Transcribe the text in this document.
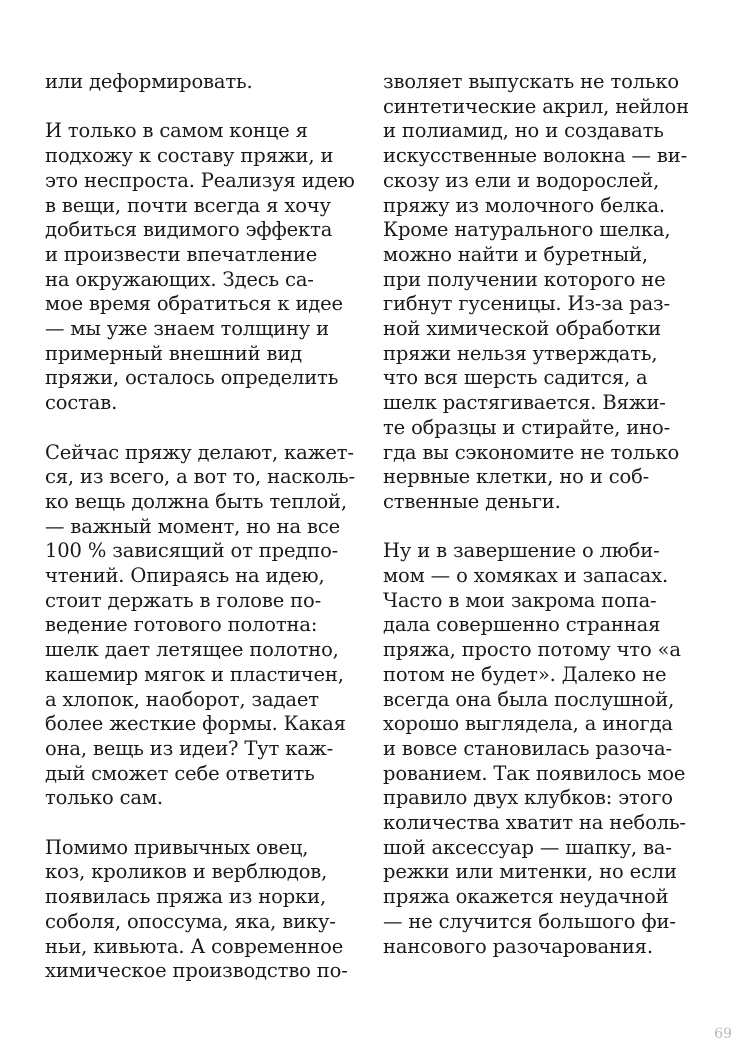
или деформировать.
И только в самом конце я
подхожу к составу пряжи, и
это неспроста. Реализуя идею
в вещи, почти всегда я хочу
добиться видимого эффекта
и произвести впечатление
на окружающих. Здесь са-
мое время обратиться к идее
— мы уже знаем толщину и
примерный внешний вид
пряжи, осталось определить
состав.
Сейчас пряжу делают, кажет-
ся, из всего, а вот то, насколь-
ко вещь должна быть теплой,
— важный момент, но на все
100 % зависящий от предпо-
чтений. Опираясь на идею,
стоит держать в голове по-
ведение готового полотна:
шелк дает летящее полотно,
кашемир мягок и пластичен,
а хлопок, наоборот, задает
более жесткие формы. Какая
она, вещь из идеи? Тут каж-
дый сможет себе ответить
только сам.
Помимо привычных овец,
коз, кроликов и верблюдов,
появилась пряжа из норки,
соболя, опоссума, яка, вику-
ньи, кивьюта. А современное
химическое производство по-
зволяет выпускать не только
синтетические акрил, нейлон
и полиамид, но и создавать
искусственные волокна — ви-
скозу из ели и водорослей,
пряжу из молочного белка.
Кроме натурального шелка,
можно найти и буретный,
при получении которого не
гибнут гусеницы. Из-за раз-
ной химической обработки
пряжи нельзя утверждать,
что вся шерсть садится, а
шелк растягивается. Вяжи-
те образцы и стирайте, ино-
гда вы сэкономите не только
нервные клетки, но и соб-
ственные деньги.
Ну и в завершение о люби-
мом — о хомяках и запасах.
Часто в мои закрома попа-
дала совершенно странная
пряжа, просто потому что «а
потом не будет». Далеко не
всегда она была послушной,
хорошо выглядела, а иногда
и вовсе становилась разоча-
рованием. Так появилось мое
правило двух клубков: этого
количества хватит на неболь-
шой аксессуар — шапку, ва-
режки или митенки, но если
пряжа окажется неудачной
— не случится большого фи-
нансового разочарования.
69
